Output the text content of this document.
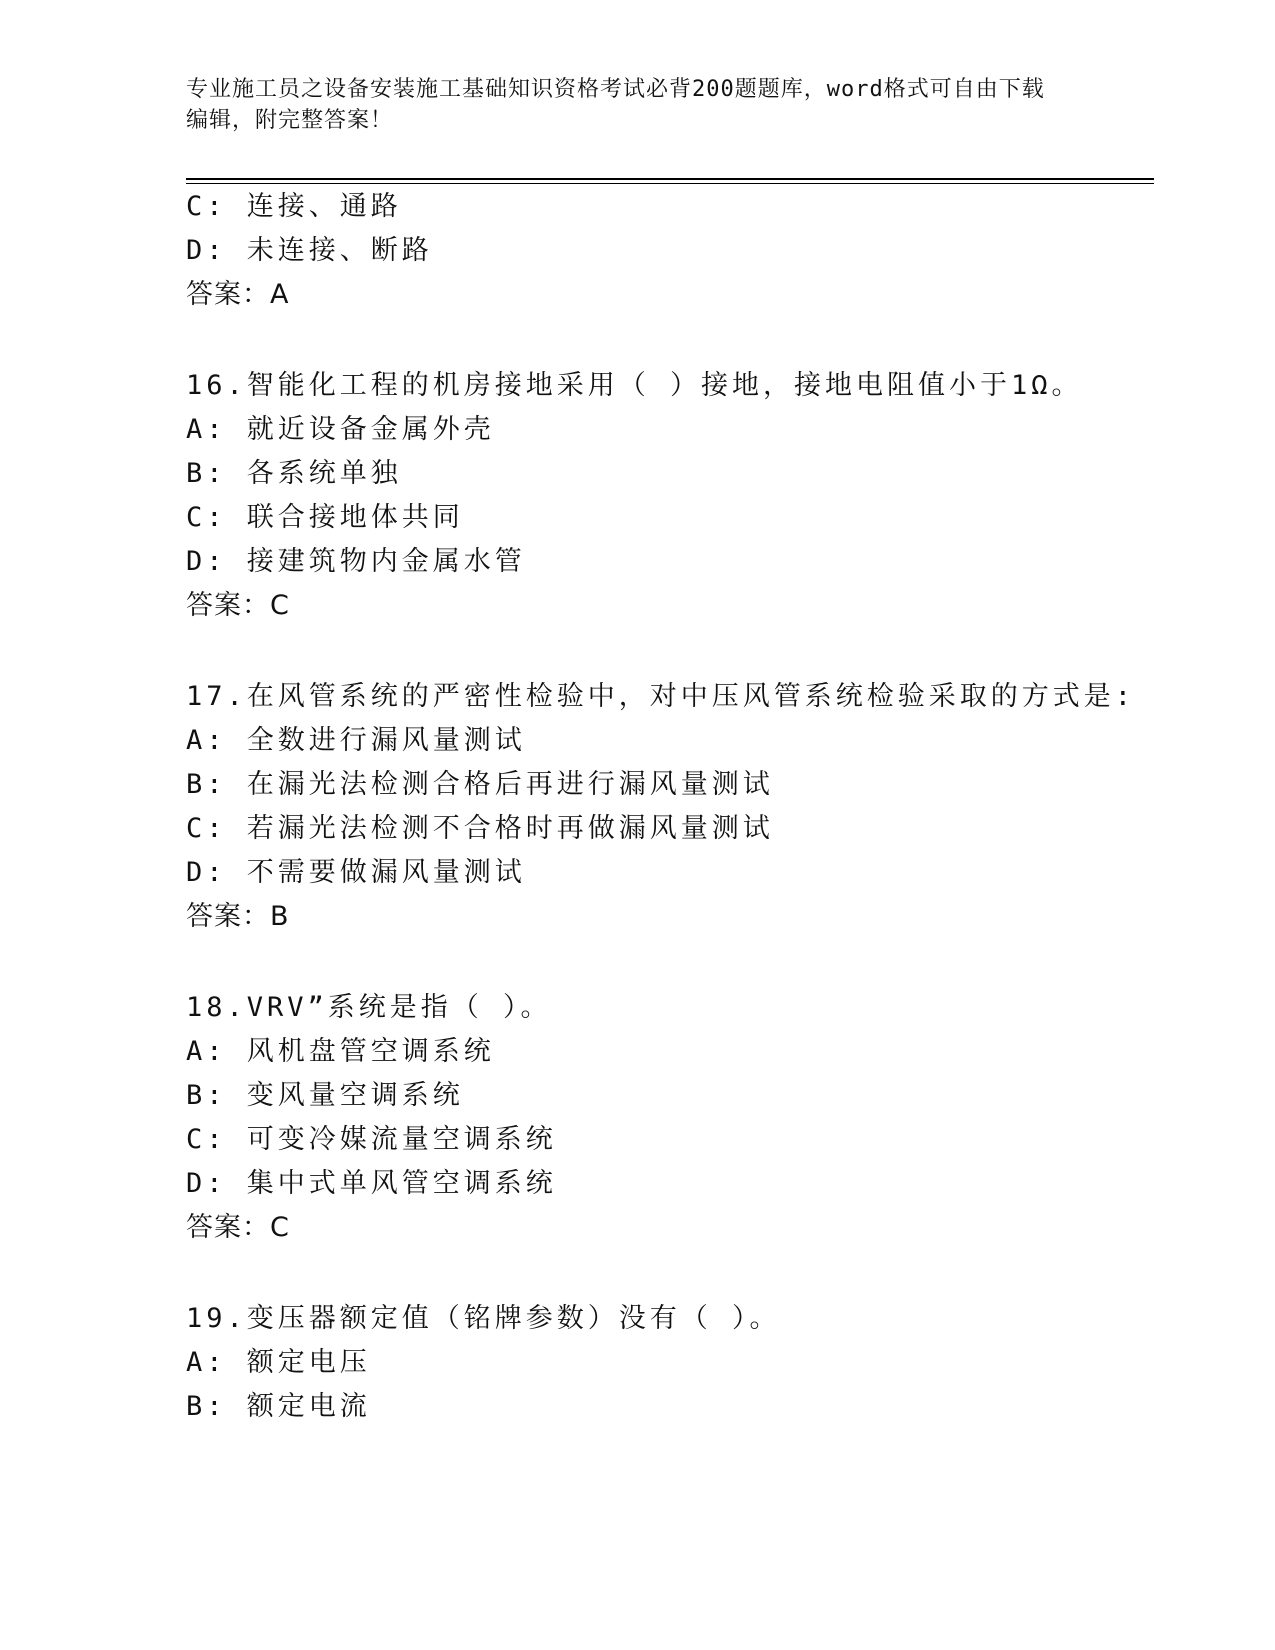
专业施工员之设备安装施工基础知识资格考试必背200题题库，word格式可自由下载编辑，附完整答案！
C: 连接、通路
D: 未连接、断路
答案：A
16.智能化工程的机房接地采用（ ）接地，接地电阻值小于1Ω。
A: 就近设备金属外壳
B: 各系统单独
C: 联合接地体共同
D: 接建筑物内金属水管
答案：C
17.在风管系统的严密性检验中，对中压风管系统检验采取的方式是:
A: 全数进行漏风量测试
B: 在漏光法检测合格后再进行漏风量测试
C: 若漏光法检测不合格时再做漏风量测试
D: 不需要做漏风量测试
答案：B
18.VRV”系统是指（ ）。
A: 风机盘管空调系统
B: 变风量空调系统
C: 可变冷媒流量空调系统
D: 集中式单风管空调系统
答案：C
19.变压器额定值（铭牌参数）没有（ ）。
A: 额定电压
B: 额定电流
